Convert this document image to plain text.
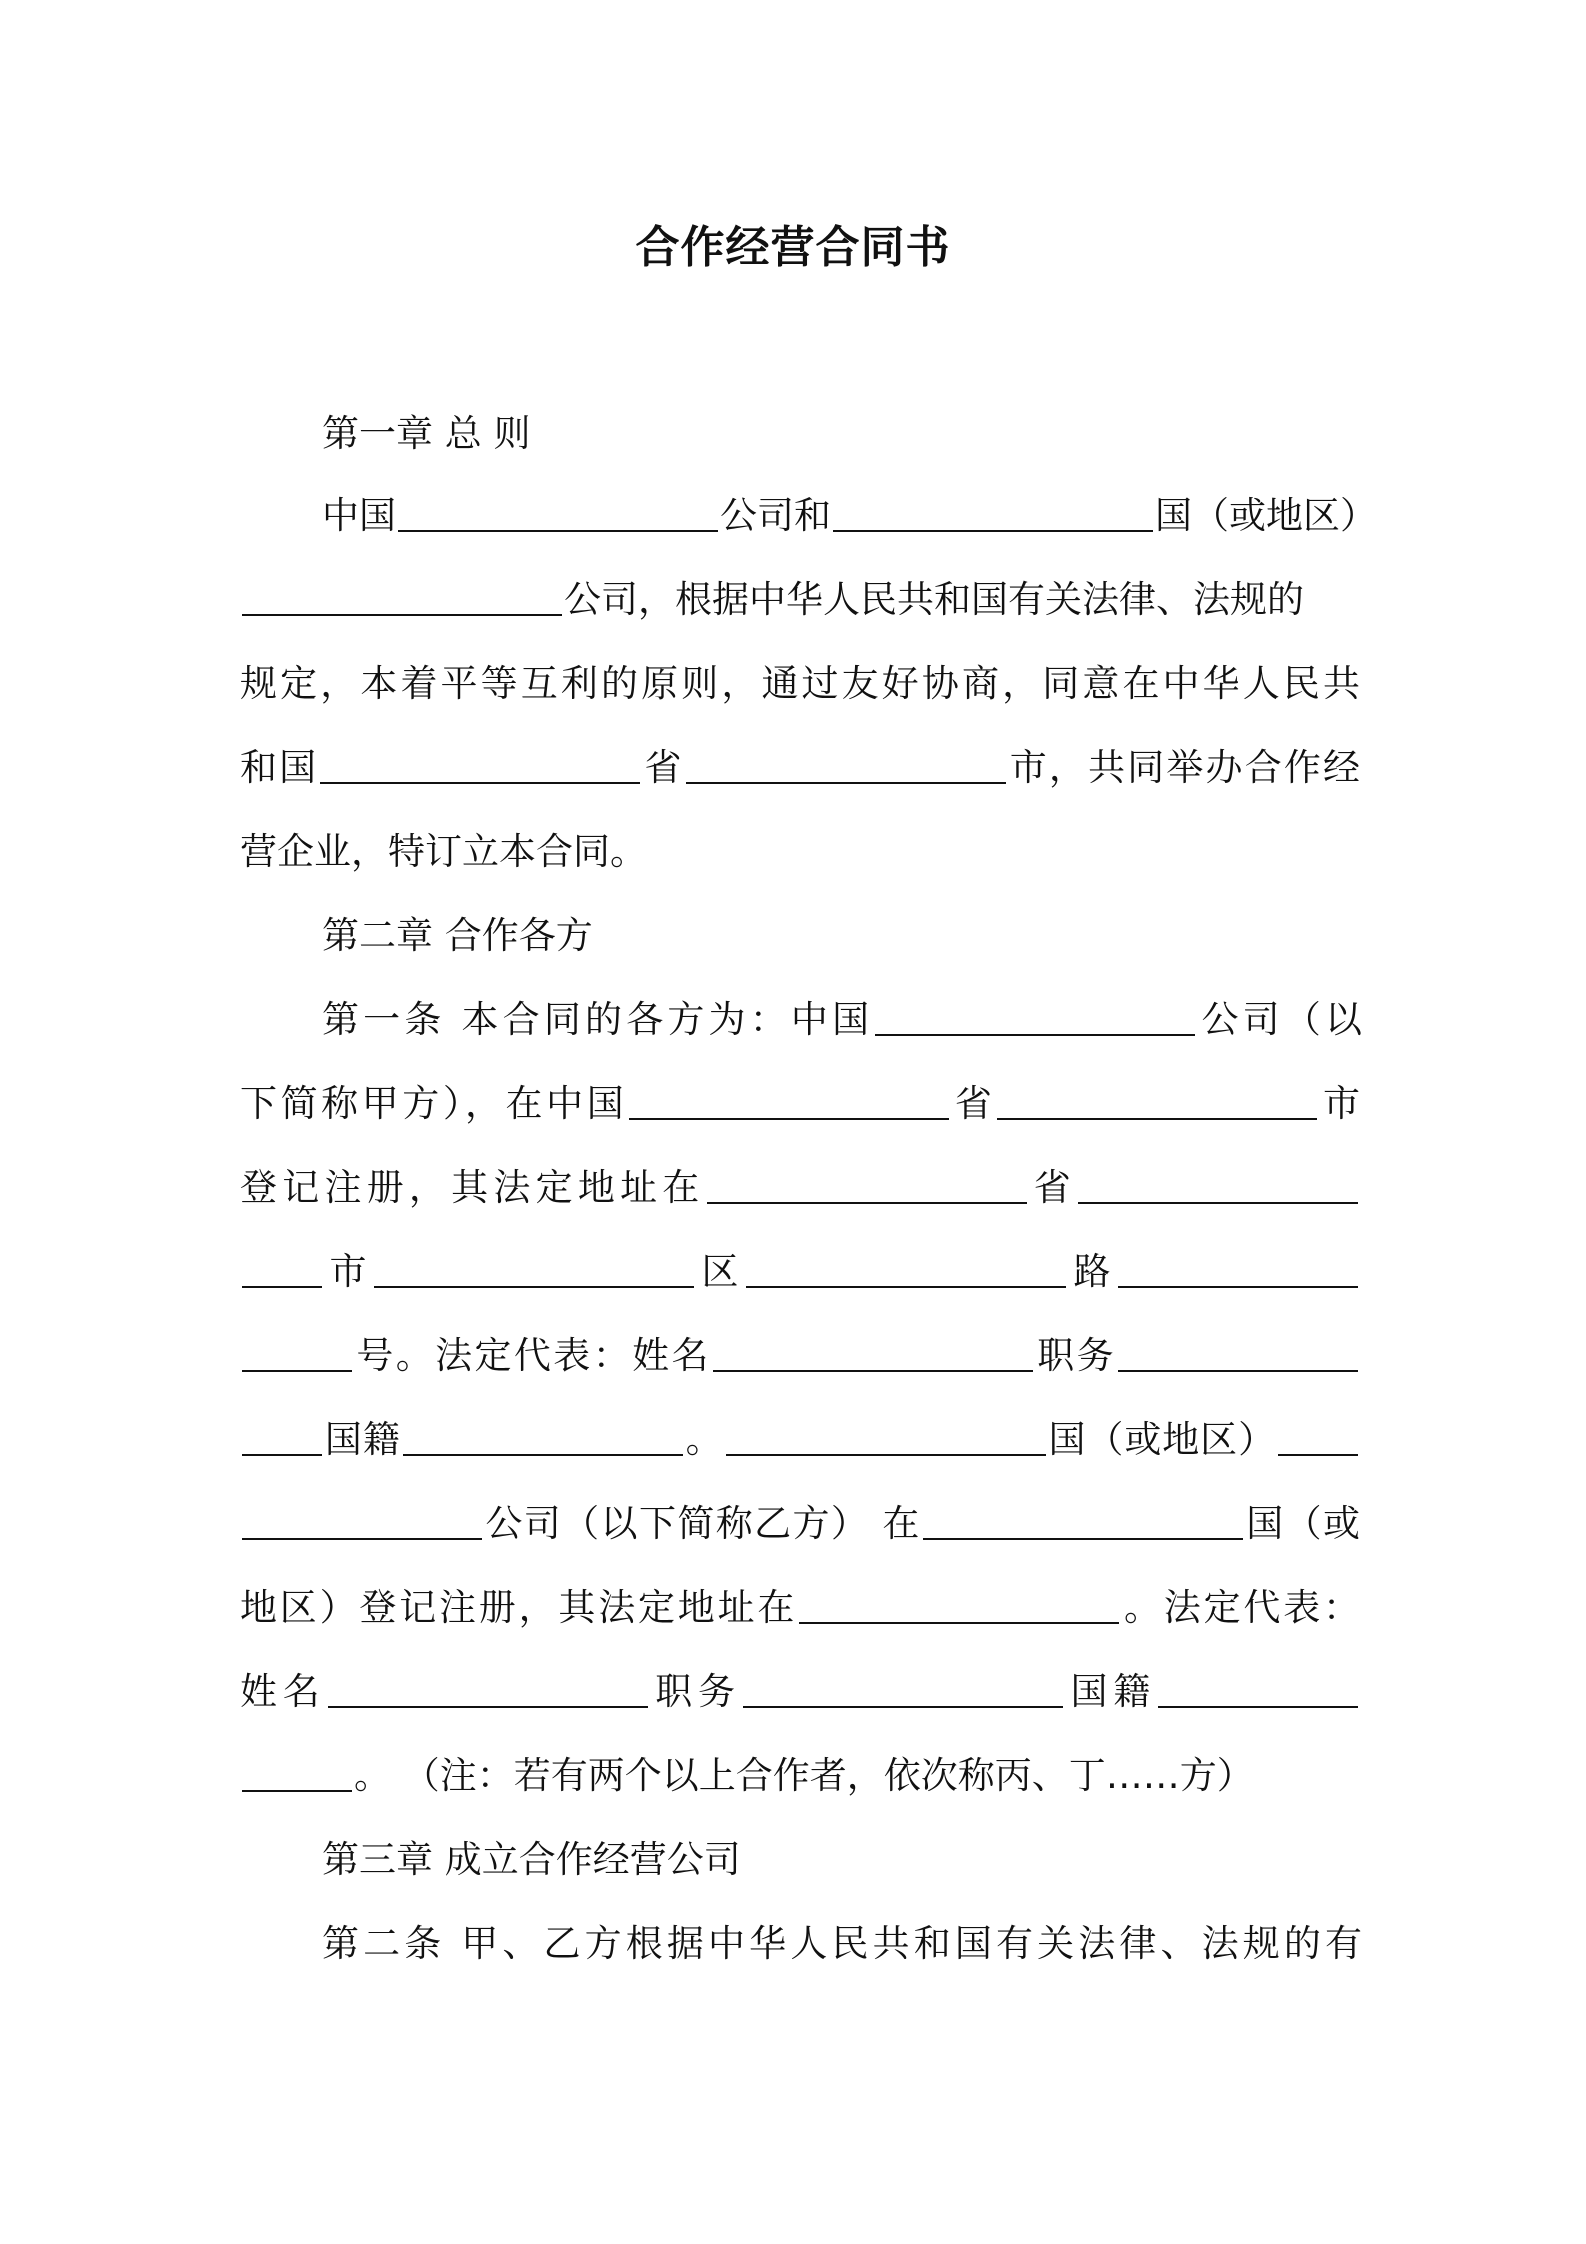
合作经营合同书
第一章 总 则
中国	公司和	国（或地区）
公司，根据中华人民共和国有关法律、法规的
规定，本着平等互利的原则，通过友好协商，同意在中华人民共
和国	省	市，共同举办合作经
营企业，特订立本合同。
第二章 合作各方
第一条 本合同的各方为：中国	公司（以
下简称甲方），在中国	省	市
登记注册，其法定地址在	省
市	区	路
号。法定代表：姓名	职务
国籍	。	国（或地区）
公司（以下简称乙方） 在	国（或
地区）登记注册，其法定地址在	。法定代表：
姓名	职务	国籍
。 （注：若有两个以上合作者，依次称丙、丁……方）
第三章 成立合作经营公司
第二条 甲、乙方根据中华人民共和国有关法律、法规的有
